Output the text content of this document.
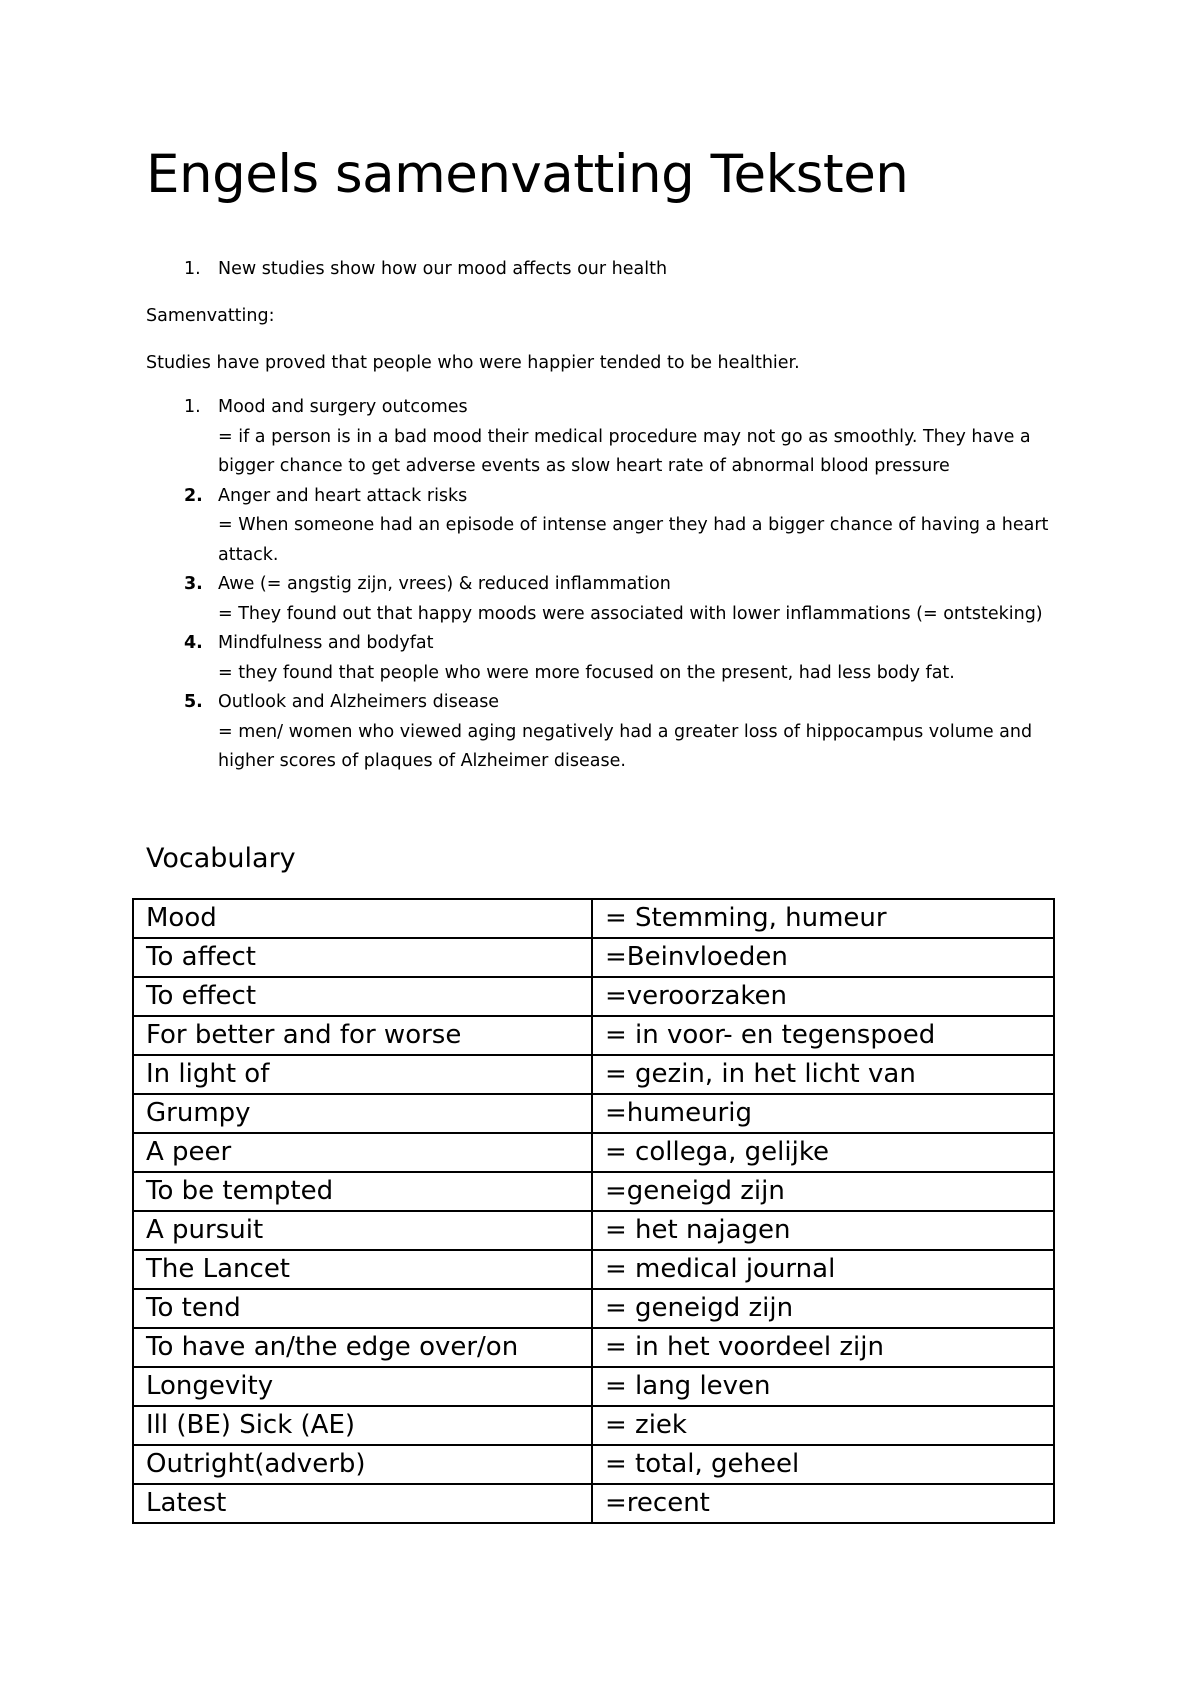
Engels samenvatting Teksten
1. New studies show how our mood affects our health

Samenvatting:

Studies have proved that people who were happier tended to be healthier.

1. Mood and surgery outcomes
= if a person is in a bad mood their medical procedure may not go as smoothly. They have a bigger chance to get adverse events as slow heart rate of abnormal blood pressure
2. Anger and heart attack risks
= When someone had an episode of intense anger they had a bigger chance of having a heart attack.
3. Awe (= angstig zijn, vrees) & reduced inflammation
= They found out that happy moods were associated with lower inflammations (= ontsteking)
4. Mindfulness and bodyfat
= they found that people who were more focused on the present, had less body fat.
5. Outlook and Alzheimers disease
= men/ women who viewed aging negatively had a greater loss of hippocampus volume and higher scores of plaques of Alzheimer disease.
Vocabulary
Mood	= Stemming, humeur
To affect	=Beinvloeden
To effect	=veroorzaken
For better and for worse	= in voor- en tegenspoed
In light of	= gezin, in het licht van
Grumpy	=humeurig
A peer	= collega, gelijke
To be tempted	=geneigd zijn
A pursuit	= het najagen
The Lancet	= medical journal
To tend	= geneigd zijn
To have an/the edge over/on	= in het voordeel zijn
Longevity	= lang leven
Ill (BE) Sick (AE)	= ziek
Outright(adverb)	= total, geheel
Latest	=recent
